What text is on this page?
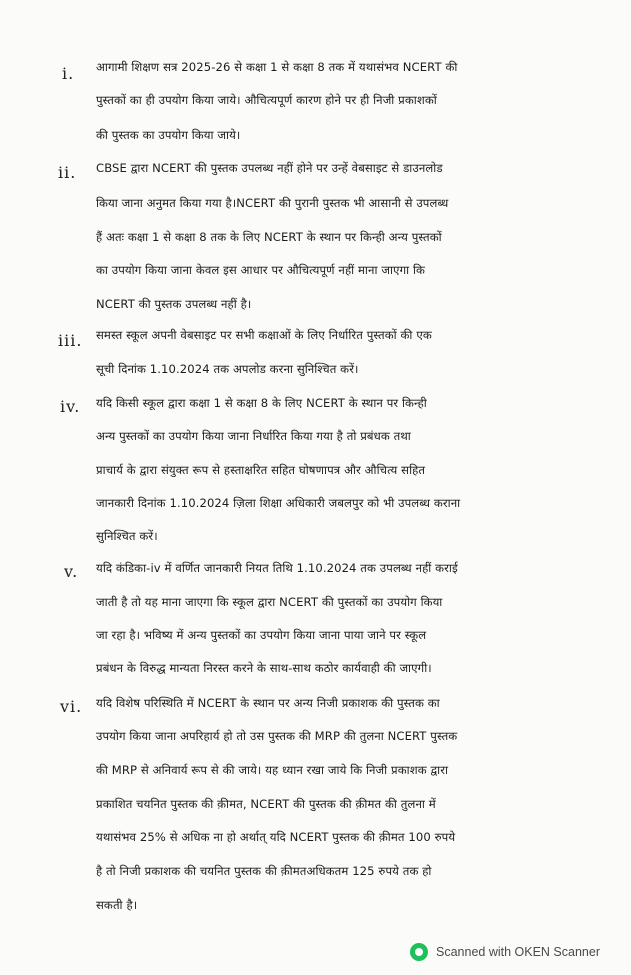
i. आगामी शिक्षण सत्र 2025-26 से कक्षा 1 से कक्षा 8 तक में यथासंभव NCERT की
पुस्तकों का ही उपयोग किया जाये। औचित्यपूर्ण कारण होने पर ही निजी प्रकाशकों
की पुस्तक का उपयोग किया जाये।
ii. CBSE द्वारा NCERT की पुस्तक उपलब्ध नहीं होने पर उन्हें वेबसाइट से डाउनलोड
किया जाना अनुमत किया गया है।NCERT की पुरानी पुस्तक भी आसानी से उपलब्ध
हैं अतः कक्षा 1 से कक्षा 8 तक के लिए NCERT के स्थान पर किन्ही अन्य पुस्तकों
का उपयोग किया जाना केवल इस आधार पर औचित्यपूर्ण नहीं माना जाएगा कि
NCERT की पुस्तक उपलब्ध नहीं है।
iii. समस्त स्कूल अपनी वेबसाइट पर सभी कक्षाओं के लिए निर्धारित पुस्तकों की एक
सूची दिनांक 1.10.2024 तक अपलोड करना सुनिश्चित करें।
iv. यदि किसी स्कूल द्वारा कक्षा 1 से कक्षा 8 के लिए NCERT के स्थान पर किन्ही
अन्य पुस्तकों का उपयोग किया जाना निर्धारित किया गया है तो प्रबंधक तथा
प्राचार्य के द्वारा संयुक्त रूप से हस्ताक्षरित सहित घोषणापत्र और औचित्य सहित
जानकारी दिनांक 1.10.2024 ज़िला शिक्षा अधिकारी जबलपुर को भी उपलब्ध कराना
सुनिश्चित करें।
v. यदि कंडिका-iv में वर्णित जानकारी नियत तिथि 1.10.2024 तक उपलब्ध नहीं कराई
जाती है तो यह माना जाएगा कि स्कूल द्वारा NCERT की पुस्तकों का उपयोग किया
जा रहा है। भविष्य में अन्य पुस्तकों का उपयोग किया जाना पाया जाने पर स्कूल
प्रबंधन के विरुद्ध मान्यता निरस्त करने के साथ-साथ कठोर कार्यवाही की जाएगी।
vi. यदि विशेष परिस्थिति में NCERT के स्थान पर अन्य निजी प्रकाशक की पुस्तक का
उपयोग किया जाना अपरिहार्य हो तो उस पुस्तक की MRP की तुलना NCERT पुस्तक
की MRP से अनिवार्य रूप से की जाये। यह ध्यान रखा जाये कि निजी प्रकाशक द्वारा
प्रकाशित चयनित पुस्तक की क़ीमत, NCERT की पुस्तक की क़ीमत की तुलना में
यथासंभव 25% से अधिक ना हो अर्थात् यदि NCERT पुस्तक की क़ीमत 100 रुपये
है तो निजी प्रकाशक की चयनित पुस्तक की क़ीमतअधिकतम 125 रुपये तक हो
सकती है।
Scanned with OKEN Scanner
